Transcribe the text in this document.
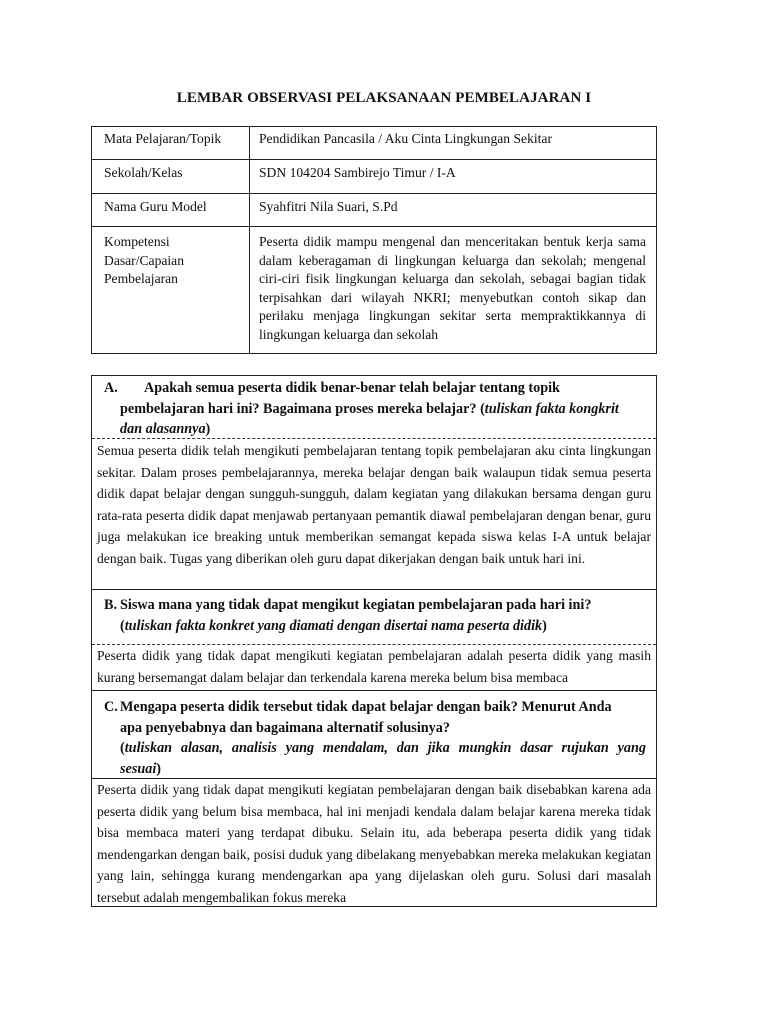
LEMBAR OBSERVASI PELAKSANAAN PEMBELAJARAN I
Mata Pelajaran/Topik	Pendidikan Pancasila / Aku Cinta Lingkungan Sekitar
Sekolah/Kelas	SDN 104204 Sambirejo Timur / I-A
Nama Guru Model	Syahfitri Nila Suari, S.Pd

Kompetensi Dasar/Capaian Pembelajaran	Peserta didik mampu mengenal dan menceritakan bentuk kerja sama dalam keberagaman di lingkungan keluarga dan sekolah; mengenal ciri-ciri fisik lingkungan keluarga dan sekolah, sebagai bagian tidak terpisahkan dari wilayah NKRI; menyebutkan contoh sikap dan perilaku menjaga lingkungan sekitar serta mempraktikkannya di lingkungan keluarga dan sekolah
A.	Apakah semua peserta didik benar-benar telah belajar tentang topik
pembelajaran hari ini? Bagaimana proses mereka belajar? (tuliskan fakta kongkrit
dan alasannya)
Semua peserta didik telah mengikuti pembelajaran tentang topik pembelajaran aku cinta lingkungan sekitar. Dalam proses pembelajarannya, mereka belajar dengan baik walaupun tidak semua peserta didik dapat belajar dengan sungguh-sungguh, dalam kegiatan yang dilakukan bersama dengan guru rata-rata peserta didik dapat menjawab pertanyaan pemantik diawal pembelajaran dengan benar, guru juga melakukan ice breaking untuk memberikan semangat kepada siswa kelas I-A untuk belajar dengan baik. Tugas yang diberikan oleh guru dapat dikerjakan dengan baik untuk hari ini.
B. Siswa mana yang tidak dapat mengikut kegiatan pembelajaran pada hari ini?
(tuliskan fakta konkret yang diamati dengan disertai nama peserta didik)
Peserta didik yang tidak dapat mengikuti kegiatan pembelajaran adalah peserta didik yang masih kurang bersemangat dalam belajar dan terkendala karena mereka belum bisa membaca
C. Mengapa peserta didik tersebut tidak dapat belajar dengan baik? Menurut Anda
apa penyebabnya dan bagaimana alternatif solusinya?
(tuliskan alasan, analisis yang mendalam, dan jika mungkin dasar rujukan yang
sesuai)
Peserta didik yang tidak dapat mengikuti kegiatan pembelajaran dengan baik disebabkan karena ada peserta didik yang belum bisa membaca, hal ini menjadi kendala dalam belajar karena mereka tidak bisa membaca materi yang terdapat dibuku. Selain itu, ada beberapa peserta didik yang tidak mendengarkan dengan baik, posisi duduk yang dibelakang menyebabkan mereka melakukan kegiatan yang lain, sehingga kurang mendengarkan apa yang dijelaskan oleh guru. Solusi dari masalah tersebut adalah mengembalikan fokus mereka
